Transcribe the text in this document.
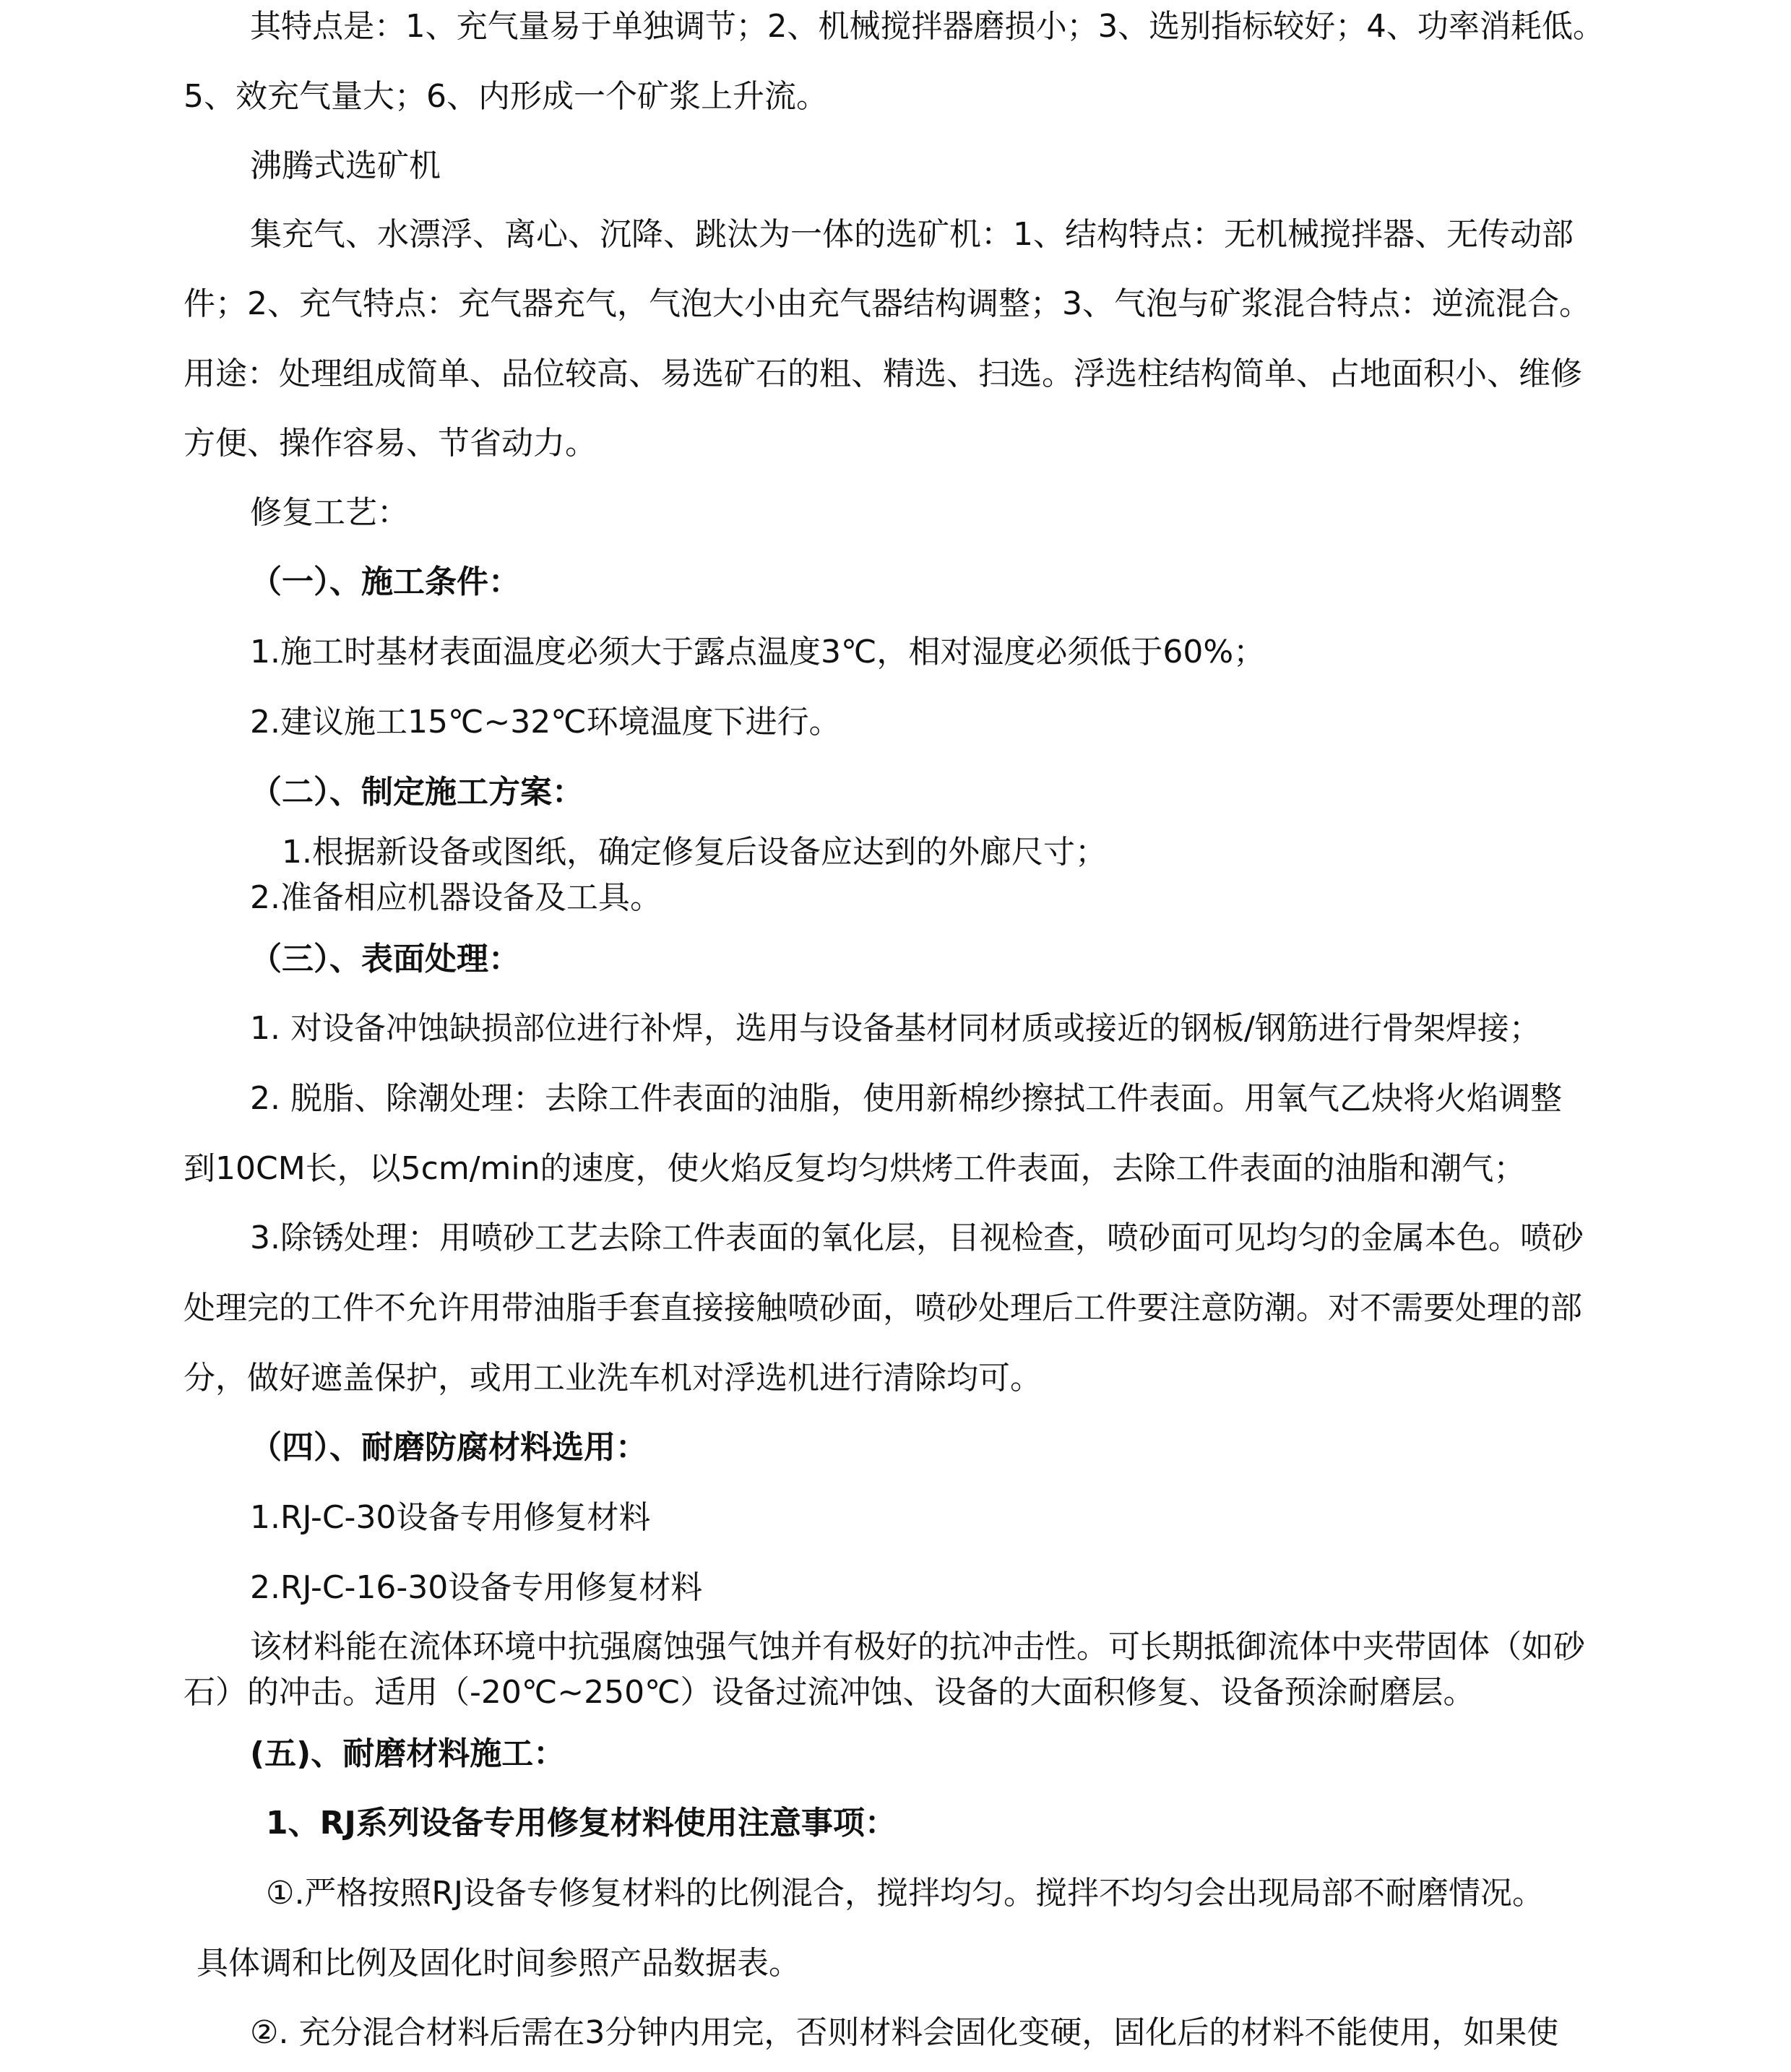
其特点是：1、充气量易于单独调节；2、机械搅拌器磨损小；3、选别指标较好；4、功率消耗低。
5、效充气量大；6、内形成一个矿浆上升流。
沸腾式选矿机
集充气、水漂浮、离心、沉降、跳汰为一体的选矿机：1、结构特点：无机械搅拌器、无传动部
件；2、充气特点：充气器充气，气泡大小由充气器结构调整；3、气泡与矿浆混合特点：逆流混合。
用途：处理组成简单、品位较高、易选矿石的粗、精选、扫选。浮选柱结构简单、占地面积小、维修
方便、操作容易、节省动力。
修复工艺：
（一）、施工条件：
1.施工时基材表面温度必须大于露点温度3℃，相对湿度必须低于60%；
2.建议施工15℃~32℃环境温度下进行。
（二）、制定施工方案：
1.根据新设备或图纸，确定修复后设备应达到的外廊尺寸；
2.准备相应机器设备及工具。
（三）、表面处理：
1. 对设备冲蚀缺损部位进行补焊，选用与设备基材同材质或接近的钢板/钢筋进行骨架焊接；
2. 脱脂、除潮处理：去除工件表面的油脂，使用新棉纱擦拭工件表面。用氧气乙炔将火焰调整
到10CM长，以5cm/min的速度，使火焰反复均匀烘烤工件表面，去除工件表面的油脂和潮气；
3.除锈处理：用喷砂工艺去除工件表面的氧化层，目视检查，喷砂面可见均匀的金属本色。喷砂
处理完的工件不允许用带油脂手套直接接触喷砂面，喷砂处理后工件要注意防潮。对不需要处理的部
分，做好遮盖保护，或用工业洗车机对浮选机进行清除均可。
（四）、耐磨防腐材料选用：
1.RJ-C-30设备专用修复材料
2.RJ-C-16-30设备专用修复材料
该材料能在流体环境中抗强腐蚀强气蚀并有极好的抗冲击性。可长期抵御流体中夹带固体（如砂
石）的冲击。适用（-20℃~250℃）设备过流冲蚀、设备的大面积修复、设备预涂耐磨层。
(五)、耐磨材料施工：
1、RJ系列设备专用修复材料使用注意事项：
①.严格按照RJ设备专修复材料的比例混合，搅拌均匀。搅拌不均匀会出现局部不耐磨情况。
具体调和比例及固化时间参照产品数据表。
②. 充分混合材料后需在3分钟内用完，否则材料会固化变硬，固化后的材料不能使用，如果使
